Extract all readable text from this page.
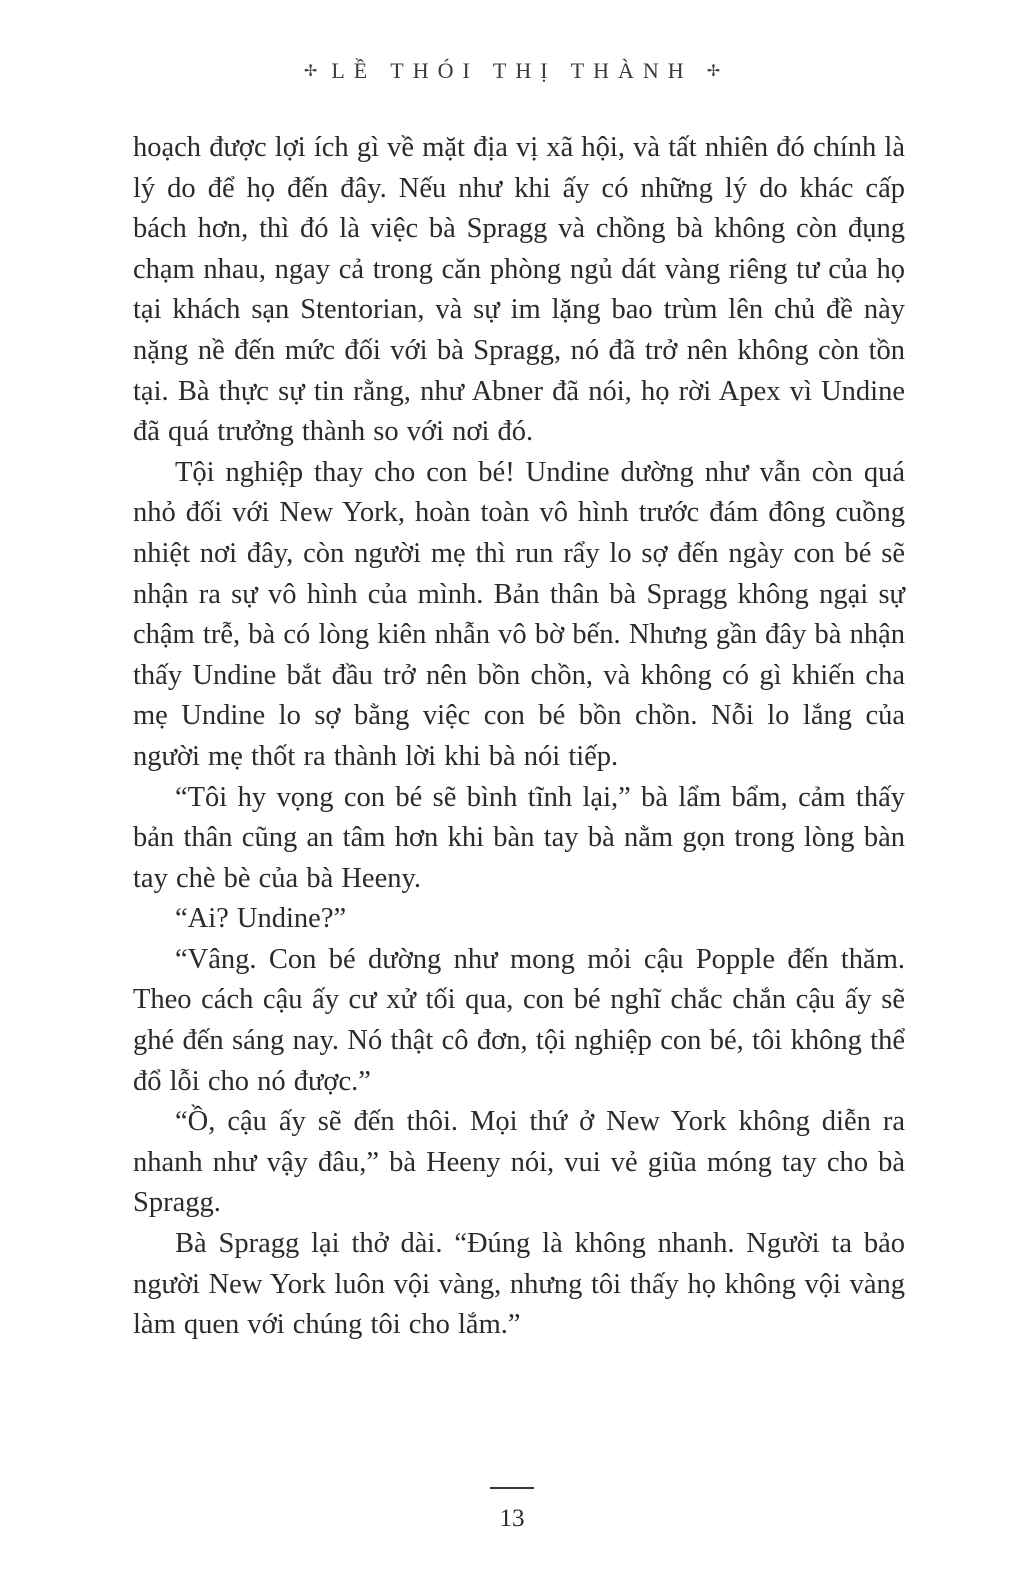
✢ LỀ THÓI THỊ THÀNH ✢

hoạch được lợi ích gì về mặt địa vị xã hội, và tất nhiên đó chính là lý do để họ đến đây. Nếu như khi ấy có những lý do khác cấp bách hơn, thì đó là việc bà Spragg và chồng bà không còn đụng chạm nhau, ngay cả trong căn phòng ngủ dát vàng riêng tư của họ tại khách sạn Stentorian, và sự im lặng bao trùm lên chủ đề này nặng nề đến mức đối với bà Spragg, nó đã trở nên không còn tồn tại. Bà thực sự tin rằng, như Abner đã nói, họ rời Apex vì Undine đã quá trưởng thành so với nơi đó.

Tội nghiệp thay cho con bé! Undine dường như vẫn còn quá nhỏ đối với New York, hoàn toàn vô hình trước đám đông cuồng nhiệt nơi đây, còn người mẹ thì run rẩy lo sợ đến ngày con bé sẽ nhận ra sự vô hình của mình. Bản thân bà Spragg không ngại sự chậm trễ, bà có lòng kiên nhẫn vô bờ bến. Nhưng gần đây bà nhận thấy Undine bắt đầu trở nên bồn chồn, và không có gì khiến cha mẹ Undine lo sợ bằng việc con bé bồn chồn. Nỗi lo lắng của người mẹ thốt ra thành lời khi bà nói tiếp.

“Tôi hy vọng con bé sẽ bình tĩnh lại,” bà lẩm bẩm, cảm thấy bản thân cũng an tâm hơn khi bàn tay bà nằm gọn trong lòng bàn tay chè bè của bà Heeny.

“Ai? Undine?”

“Vâng. Con bé dường như mong mỏi cậu Popple đến thăm. Theo cách cậu ấy cư xử tối qua, con bé nghĩ chắc chắn cậu ấy sẽ ghé đến sáng nay. Nó thật cô đơn, tội nghiệp con bé, tôi không thể đổ lỗi cho nó được.”

“Ồ, cậu ấy sẽ đến thôi. Mọi thứ ở New York không diễn ra nhanh như vậy đâu,” bà Heeny nói, vui vẻ giũa móng tay cho bà Spragg.

Bà Spragg lại thở dài. “Đúng là không nhanh. Người ta bảo người New York luôn vội vàng, nhưng tôi thấy họ không vội vàng làm quen với chúng tôi cho lắm.”

13
